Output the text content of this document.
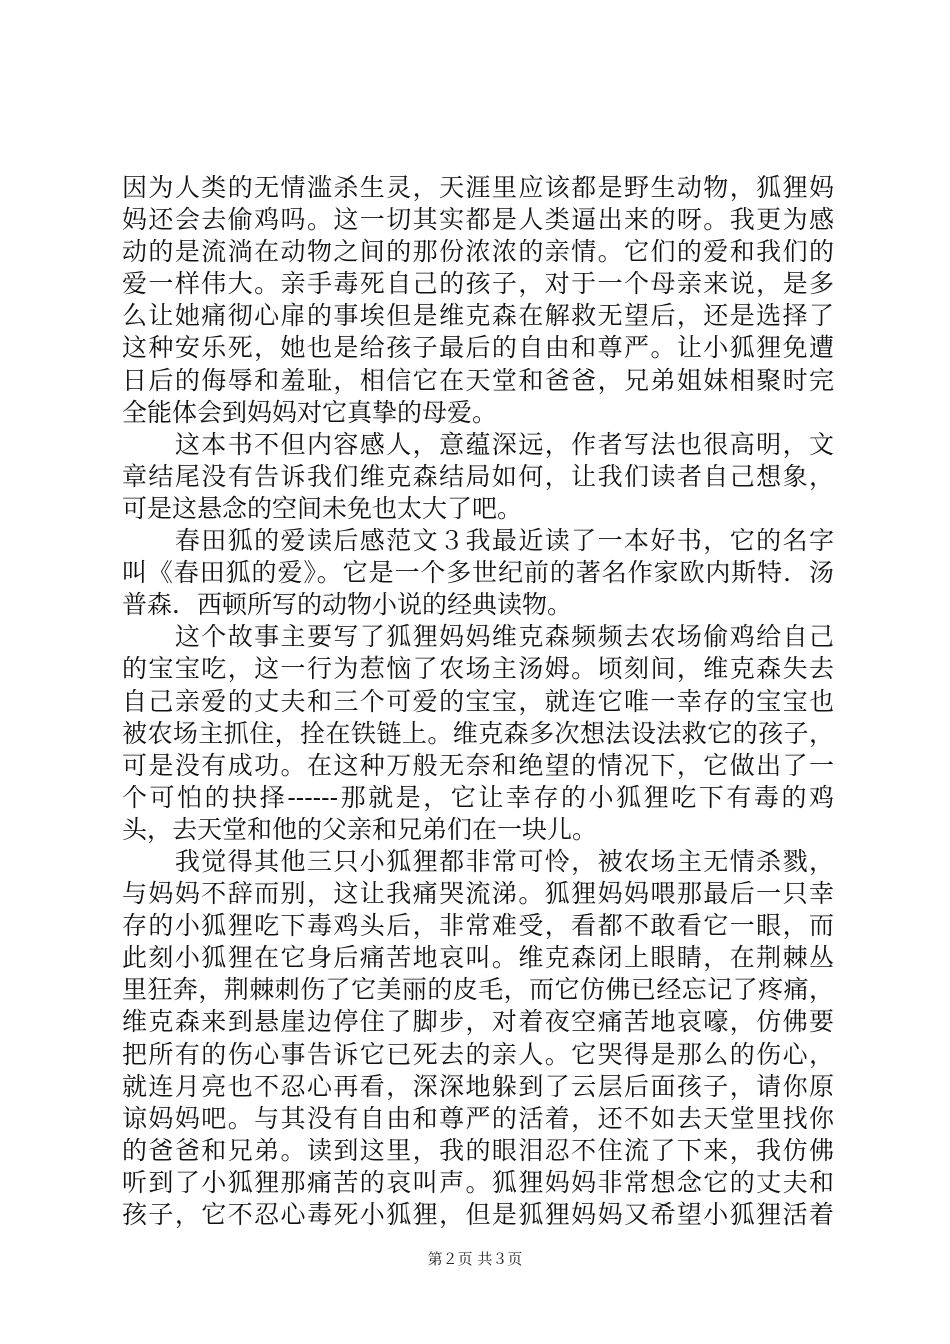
因为人类的无情滥杀生灵，天涯里应该都是野生动物，狐狸妈
妈还会去偷鸡吗。这一切其实都是人类逼出来的呀。我更为感
动的是流淌在动物之间的那份浓浓的亲情。它们的爱和我们的
爱一样伟大。亲手毒死自己的孩子，对于一个母亲来说，是多
么让她痛彻心扉的事埃但是维克森在解救无望后，还是选择了
这种安乐死，她也是给孩子最后的自由和尊严。让小狐狸免遭
日后的侮辱和羞耻，相信它在天堂和爸爸，兄弟姐妹相聚时完
全能体会到妈妈对它真挚的母爱。
　　这本书不但内容感人，意蕴深远，作者写法也很高明，文
章结尾没有告诉我们维克森结局如何，让我们读者自己想象，
可是这悬念的空间未免也太大了吧。
　　春田狐的爱读后感范文３我最近读了一本好书，它的名字
叫《春田狐的爱》。它是一个多世纪前的著名作家欧内斯特．汤
普森．西顿所写的动物小说的经典读物。
　　这个故事主要写了狐狸妈妈维克森频频去农场偷鸡给自己
的宝宝吃，这一行为惹恼了农场主汤姆。顷刻间，维克森失去
自己亲爱的丈夫和三个可爱的宝宝，就连它唯一幸存的宝宝也
被农场主抓住，拴在铁链上。维克森多次想法设法救它的孩子，
可是没有成功。在这种万般无奈和绝望的情况下，它做出了一
个可怕的抉择------那就是，它让幸存的小狐狸吃下有毒的鸡
头，去天堂和他的父亲和兄弟们在一块儿。
　　我觉得其他三只小狐狸都非常可怜，被农场主无情杀戮，
与妈妈不辞而别，这让我痛哭流涕。狐狸妈妈喂那最后一只幸
存的小狐狸吃下毒鸡头后，非常难受，看都不敢看它一眼，而
此刻小狐狸在它身后痛苦地哀叫。维克森闭上眼睛，在荆棘丛
里狂奔，荆棘刺伤了它美丽的皮毛，而它仿佛已经忘记了疼痛，
维克森来到悬崖边停住了脚步，对着夜空痛苦地哀嚎，仿佛要
把所有的伤心事告诉它已死去的亲人。它哭得是那么的伤心，
就连月亮也不忍心再看，深深地躲到了云层后面孩子，请你原
谅妈妈吧。与其没有自由和尊严的活着，还不如去天堂里找你
的爸爸和兄弟。读到这里，我的眼泪忍不住流了下来，我仿佛
听到了小狐狸那痛苦的哀叫声。狐狸妈妈非常想念它的丈夫和
孩子，它不忍心毒死小狐狸，但是狐狸妈妈又希望小狐狸活着
第２页 共３页
